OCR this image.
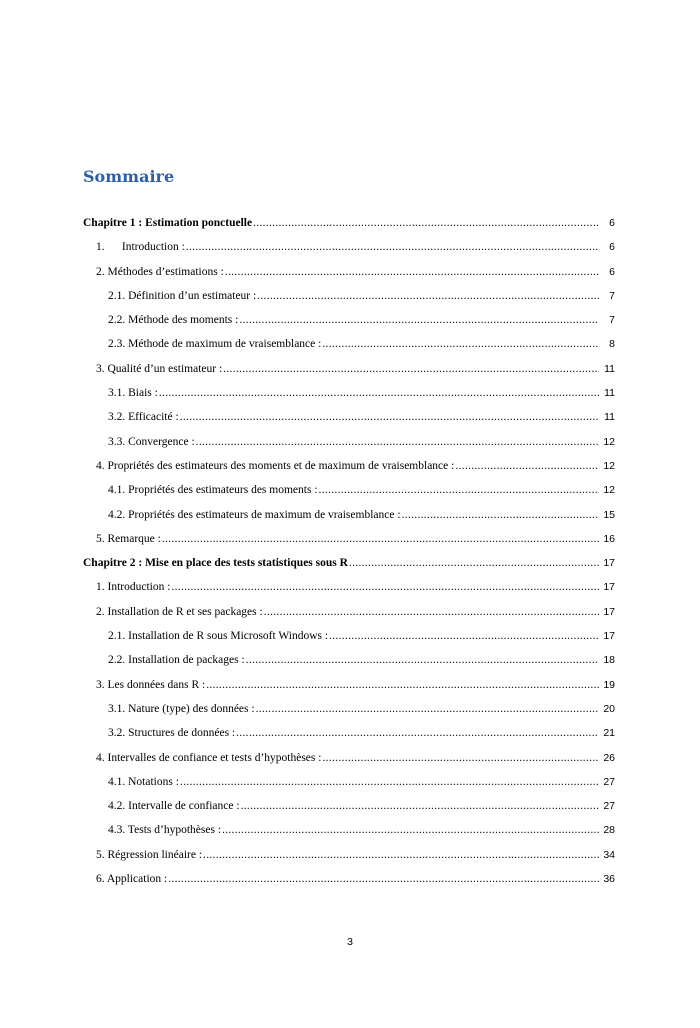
Sommaire
Chapitre 1 : Estimation ponctuelle .....	6
1.      Introduction : .....	6
2. Méthodes d’estimations : .....	6
2.1. Définition d’un estimateur : .....	7
2.2. Méthode des moments : .....	7
2.3. Méthode de maximum de vraisemblance : .....	8
3. Qualité d’un estimateur : .....	11
3.1. Biais : .....	11
3.2. Efficacité : .....	11
3.3. Convergence : .....	12
4. Propriétés des estimateurs des moments et de maximum de vraisemblance : .....	12
4.1. Propriétés des estimateurs des moments : .....	12
4.2. Propriétés des estimateurs de maximum de vraisemblance : .....	15
5. Remarque : .....	16
Chapitre 2 : Mise en place des tests statistiques sous R .....	17
1. Introduction : .....	17
2. Installation de R et ses packages : .....	17
2.1. Installation de R sous Microsoft Windows : .....	17
2.2. Installation de packages : .....	18
3. Les données dans R : .....	19
3.1. Nature (type) des données : .....	20
3.2. Structures de données : .....	21
4. Intervalles de confiance et tests d’hypothèses : .....	26
4.1. Notations : .....	27
4.2. Intervalle de confiance : .....	27
4.3. Tests d’hypothèses : .....	28
5. Régression linéaire : .....	34
6. Application : .....	36
3
